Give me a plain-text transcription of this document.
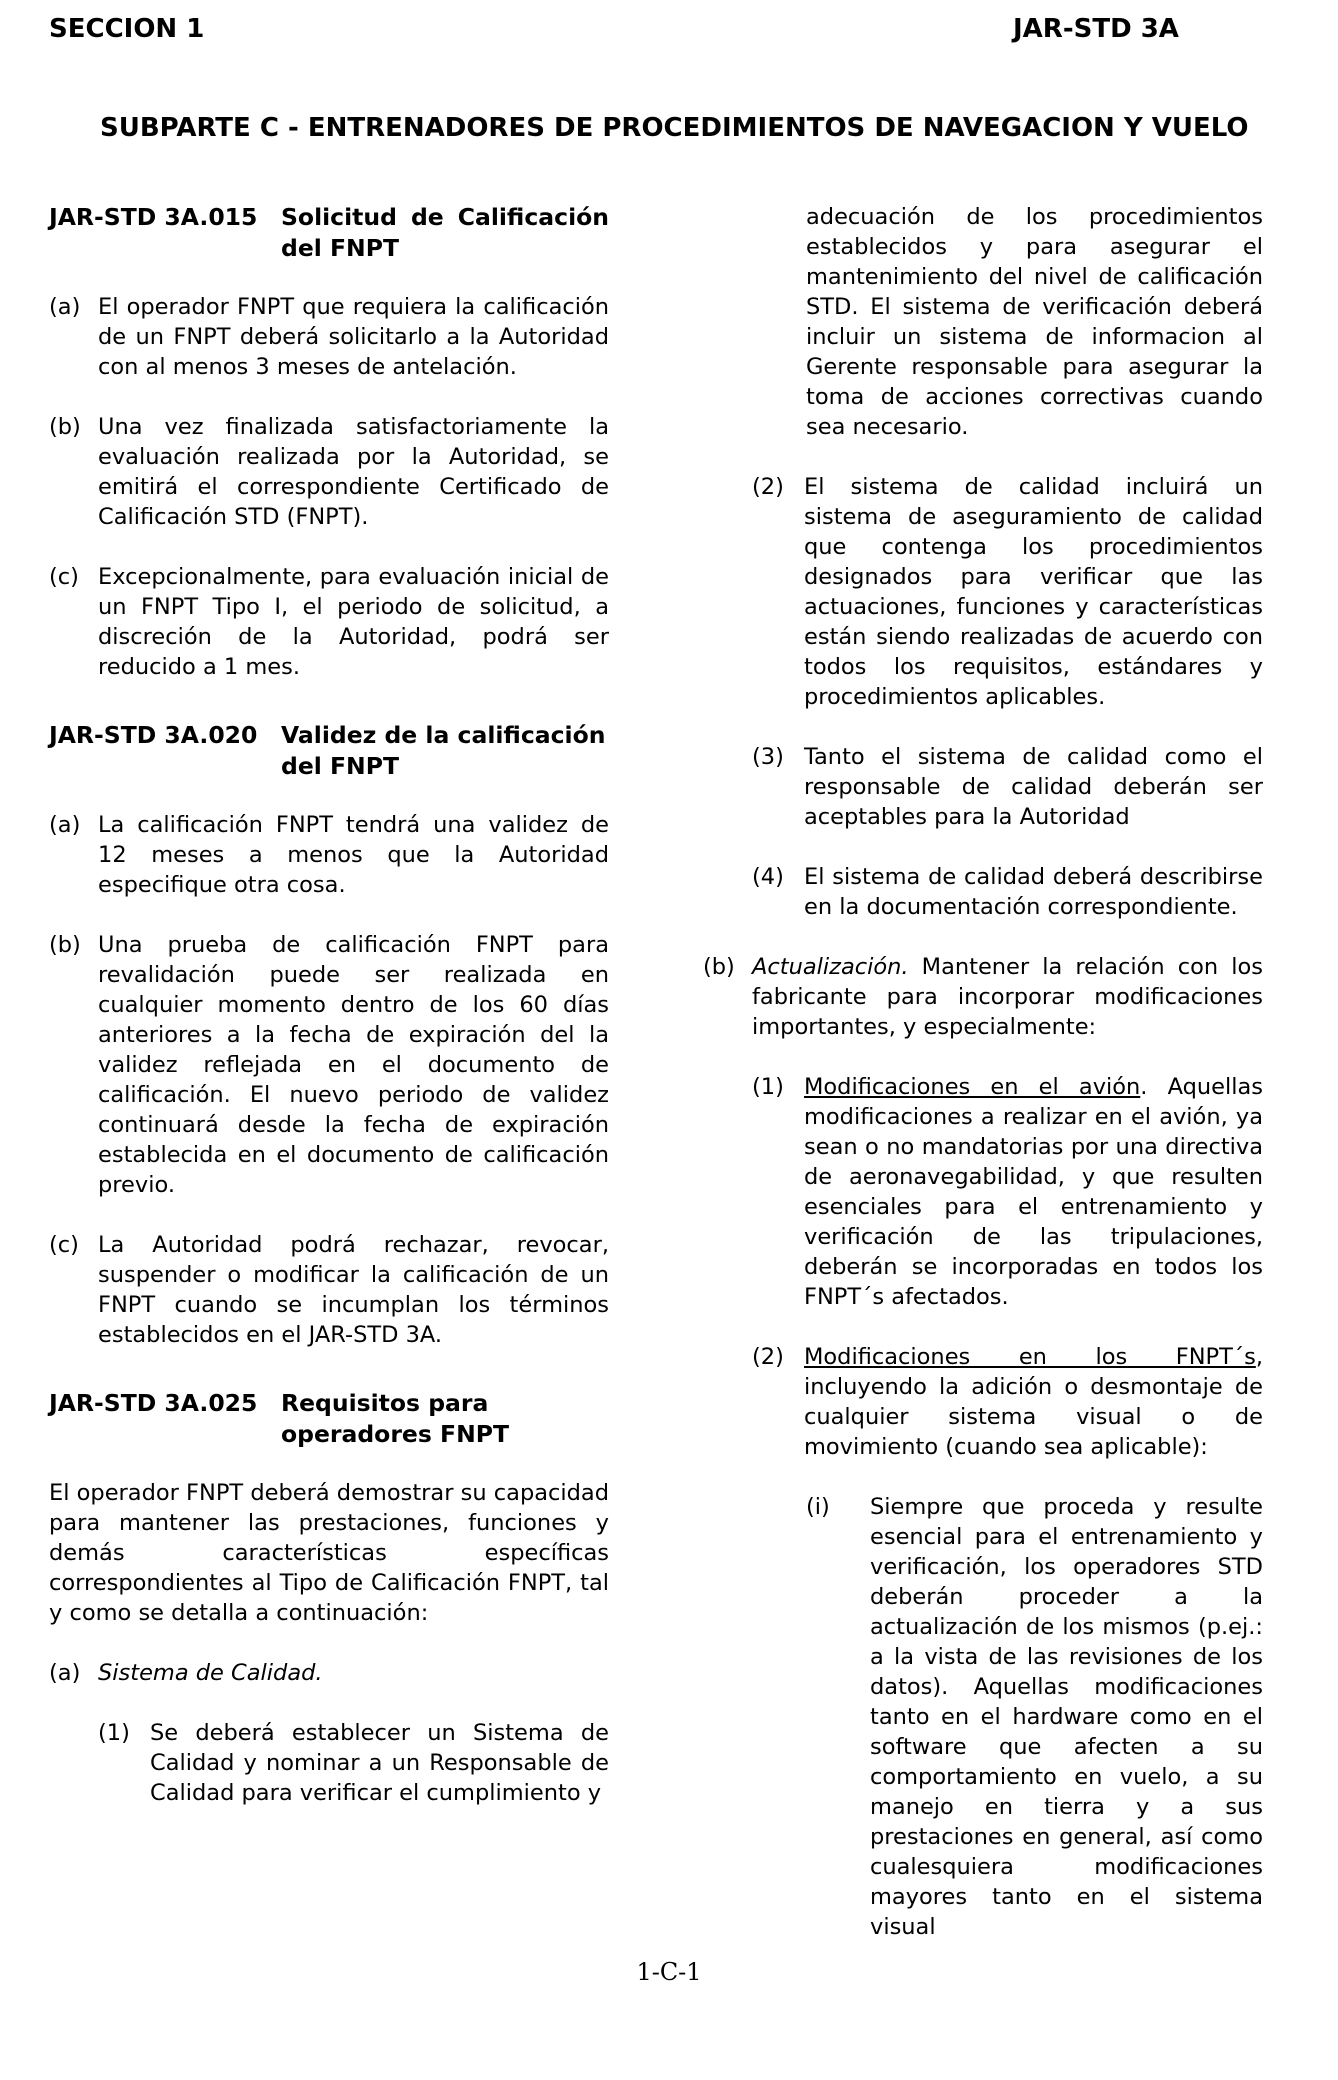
SECCION 1	JAR-STD 3A
SUBPARTE C - ENTRENADORES DE PROCEDIMIENTOS DE NAVEGACION Y VUELO
JAR-STD 3A.015	Solicitud de Calificación del FNPT
(a) El operador FNPT que requiera la calificación de un FNPT deberá solicitarlo a la Autoridad con al menos 3 meses de antelación.
(b) Una vez finalizada satisfactoriamente la evaluación realizada por la Autoridad, se emitirá el correspondiente Certificado de Calificación STD (FNPT).
(c) Excepcionalmente, para evaluación inicial de un FNPT Tipo I, el periodo de solicitud, a discreción de la Autoridad, podrá ser reducido a 1 mes.
JAR-STD 3A.020	Validez de la calificación del FNPT
(a) La calificación FNPT tendrá una validez de 12 meses a menos que la Autoridad especifique otra cosa.
(b) Una prueba de calificación FNPT para revalidación puede ser realizada en cualquier momento dentro de los 60 días anteriores a la fecha de expiración del la validez reflejada en el documento de calificación. El nuevo periodo de validez continuará desde la fecha de expiración establecida en el documento de calificación previo.
(c) La Autoridad podrá rechazar, revocar, suspender o modificar la calificación de un FNPT cuando se incumplan los términos establecidos en el JAR-STD 3A.
JAR-STD 3A.025	Requisitos para operadores FNPT
El operador FNPT deberá demostrar su capacidad para mantener las prestaciones, funciones y demás características específicas correspondientes al Tipo de Calificación FNPT, tal y como se detalla a continuación:
(a) Sistema de Calidad.
(1) Se deberá establecer un Sistema de Calidad y nominar a un Responsable de Calidad para verificar el cumplimiento y
adecuación de los procedimientos establecidos y para asegurar el mantenimiento del nivel de calificación STD. El sistema de verificación deberá incluir un sistema de informacion al Gerente responsable para asegurar la toma de acciones correctivas cuando sea necesario.
(2) El sistema de calidad incluirá un sistema de aseguramiento de calidad que contenga los procedimientos designados para verificar que las actuaciones, funciones y características están siendo realizadas de acuerdo con todos los requisitos, estándares y procedimientos aplicables.
(3) Tanto el sistema de calidad como el responsable de calidad deberán ser aceptables para la Autoridad
(4) El sistema de calidad deberá describirse en la documentación correspondiente.
(b) Actualización. Mantener la relación con los fabricante para incorporar modificaciones importantes, y especialmente:
(1) Modificaciones en el avión. Aquellas modificaciones a realizar en el avión, ya sean o no mandatorias por una directiva de aeronavegabilidad, y que resulten esenciales para el entrenamiento y verificación de las tripulaciones, deberán se incorporadas en todos los FNPT´s afectados.
(2) Modificaciones en los FNPT´s, incluyendo la adición o desmontaje de cualquier sistema visual o de movimiento (cuando sea aplicable):
(i)	Siempre que proceda y resulte esencial para el entrenamiento y verificación, los operadores STD deberán proceder a la actualización de los mismos (p.ej.: a la vista de las revisiones de los datos). Aquellas modificaciones tanto en el hardware como en el software que afecten a su comportamiento en vuelo, a su manejo en tierra y a sus prestaciones en general, así como cualesquiera modificaciones mayores tanto en el sistema visual
1-C-1
